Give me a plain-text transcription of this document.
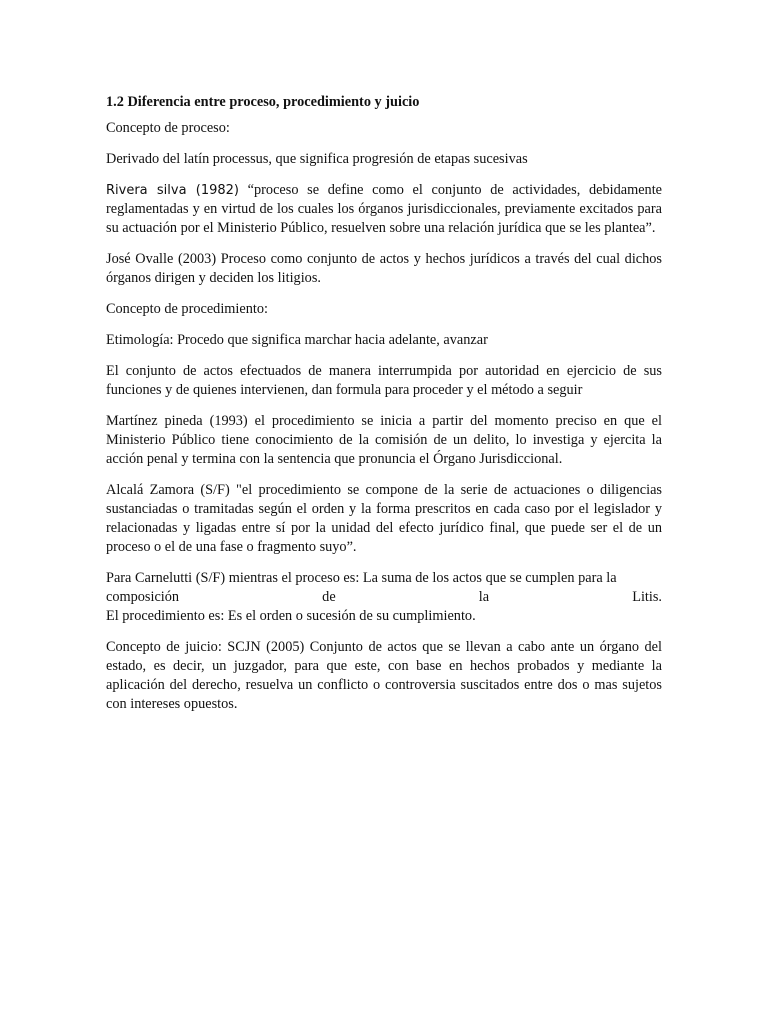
1.2 Diferencia entre proceso, procedimiento y juicio

Concepto de proceso:

Derivado del latín processus, que significa progresión de etapas sucesivas

Rivera silva (1982) “proceso se define como el conjunto de actividades, debidamente reglamentadas y en virtud de los cuales los órganos jurisdiccionales, previamente excitados para su actuación por el Ministerio Público, resuelven sobre una relación jurídica que se les plantea”.

José Ovalle (2003) Proceso como conjunto de actos y hechos jurídicos a través del cual dichos órganos dirigen y deciden los litigios.

Concepto de procedimiento:

Etimología: Procedo que significa marchar hacia adelante, avanzar

El conjunto de actos efectuados de manera interrumpida por autoridad en ejercicio de sus funciones y de quienes intervienen, dan formula para proceder y el método a seguir

Martínez pineda (1993) el procedimiento se inicia a partir del momento preciso en que el Ministerio Público tiene conocimiento de la comisión de un delito, lo investiga y ejercita la acción penal y termina con la sentencia que pronuncia el Órgano Jurisdiccional.

Alcalá Zamora (S/F) "el procedimiento se compone de la serie de actuaciones o diligencias sustanciadas o tramitadas según el orden y la forma prescritos en cada caso por el legislador y relacionadas y ligadas entre sí por la unidad del efecto jurídico final, que puede ser el de un proceso o el de una fase o fragmento suyo”.

Para Carnelutti (S/F) mientras el proceso es: La suma de los actos que se cumplen para la
composición de la Litis.
El procedimiento es: Es el orden o sucesión de su cumplimiento.

Concepto de juicio: SCJN (2005) Conjunto de actos que se llevan a cabo ante un órgano del estado, es decir, un juzgador, para que este, con base en hechos probados y mediante la aplicación del derecho, resuelva un conflicto o controversia suscitados entre dos o mas sujetos con intereses opuestos.
